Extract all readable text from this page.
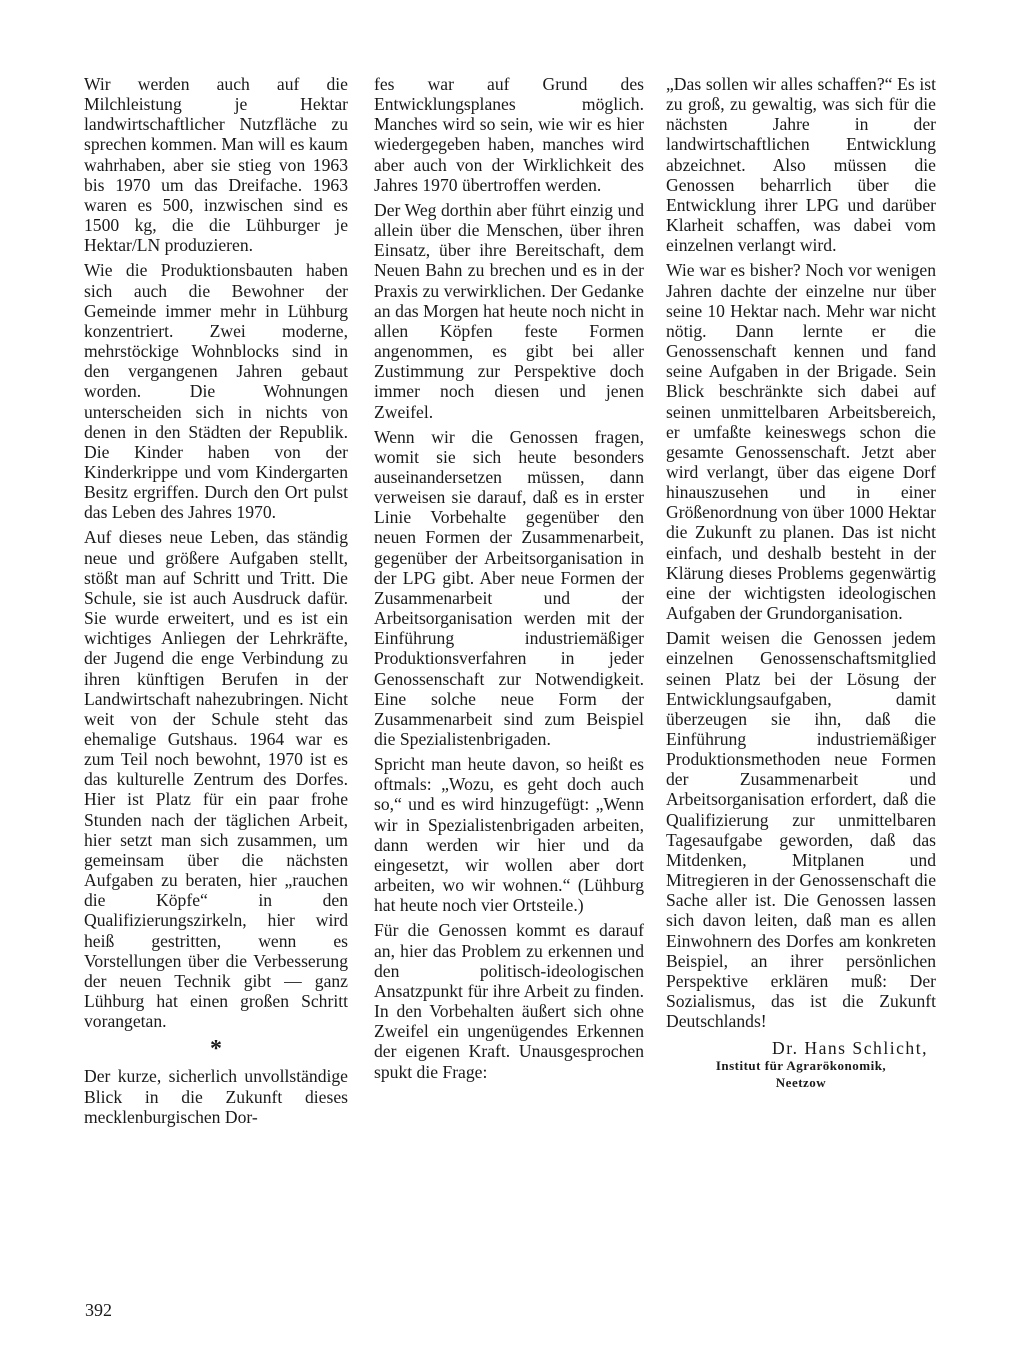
Wir werden auch auf die Milchleistung je Hektar landwirtschaftlicher Nutzfläche zu sprechen kommen. Man will es kaum wahrhaben, aber sie stieg von 1963 bis 1970 um das Dreifache. 1963 waren es 500, inzwischen sind es 1500 kg, die die Lühburger je Hektar/LN produzieren.

Wie die Produktionsbauten haben sich auch die Bewohner der Gemeinde immer mehr in Lühburg konzentriert. Zwei moderne, mehrstöckige Wohnblocks sind in den vergangenen Jahren gebaut worden. Die Wohnungen unterscheiden sich in nichts von denen in den Städten der Republik. Die Kinder haben von der Kinderkrippe und vom Kindergarten Besitz ergriffen. Durch den Ort pulst das Leben des Jahres 1970.

Auf dieses neue Leben, das ständig neue und größere Aufgaben stellt, stößt man auf Schritt und Tritt. Die Schule, sie ist auch Ausdruck dafür. Sie wurde erweitert, und es ist ein wichtiges Anliegen der Lehrkräfte, der Jugend die enge Verbindung zu ihren künftigen Berufen in der Landwirtschaft nahezubringen. Nicht weit von der Schule steht das ehemalige Gutshaus. 1964 war es zum Teil noch bewohnt, 1970 ist es das kulturelle Zentrum des Dorfes. Hier ist Platz für ein paar frohe Stunden nach der täglichen Arbeit, hier setzt man sich zusammen, um gemeinsam über die nächsten Aufgaben zu beraten, hier „rauchen die Köpfe“ in den Qualifizierungszirkeln, hier wird heiß gestritten, wenn es Vorstellungen über die Verbesserung der neuen Technik gibt — ganz Lühburg hat einen großen Schritt vorangetan.

*

Der kurze, sicherlich unvollständige Blick in die Zukunft dieses mecklenburgischen Dor-

fes war auf Grund des Entwicklungsplanes möglich. Manches wird so sein, wie wir es hier wiedergegeben haben, manches wird aber auch von der Wirklichkeit des Jahres 1970 übertroffen werden.

Der Weg dorthin aber führt einzig und allein über die Menschen, über ihren Einsatz, über ihre Bereitschaft, dem Neuen Bahn zu brechen und es in der Praxis zu verwirklichen. Der Gedanke an das Morgen hat heute noch nicht in allen Köpfen feste Formen angenommen, es gibt bei aller Zustimmung zur Perspektive doch immer noch diesen und jenen Zweifel.

Wenn wir die Genossen fragen, womit sie sich heute besonders auseinandersetzen müssen, dann verweisen sie darauf, daß es in erster Linie Vorbehalte gegenüber den neuen Formen der Zusammenarbeit, gegenüber der Arbeitsorganisation in der LPG gibt. Aber neue Formen der Zusammenarbeit und der Arbeitsorganisation werden mit der Einführung industriemäßiger Produktionsverfahren in jeder Genossenschaft zur Notwendigkeit. Eine solche neue Form der Zusammenarbeit sind zum Beispiel die Spezialistenbrigaden.

Spricht man heute davon, so heißt es oftmals: „Wozu, es geht doch auch so,“ und es wird hinzugefügt: „Wenn wir in Spezialistenbrigaden arbeiten, dann werden wir hier und da eingesetzt, wir wollen aber dort arbeiten, wo wir wohnen.“ (Lühburg hat heute noch vier Ortsteile.)

Für die Genossen kommt es darauf an, hier das Problem zu erkennen und den politisch-ideologischen Ansatzpunkt für ihre Arbeit zu finden. In den Vorbehalten äußert sich ohne Zweifel ein ungenügendes Erkennen der eigenen Kraft. Unausgesprochen spukt die Frage:

„Das sollen wir alles schaffen?“ Es ist zu groß, zu gewaltig, was sich für die nächsten Jahre in der landwirtschaftlichen Entwicklung abzeichnet. Also müssen die Genossen beharrlich über die Entwicklung ihrer LPG und darüber Klarheit schaffen, was dabei vom einzelnen verlangt wird.

Wie war es bisher? Noch vor wenigen Jahren dachte der einzelne nur über seine 10 Hektar nach. Mehr war nicht nötig. Dann lernte er die Genossenschaft kennen und fand seine Aufgaben in der Brigade. Sein Blick beschränkte sich dabei auf seinen unmittelbaren Arbeitsbereich, er umfaßte keineswegs schon die gesamte Genossenschaft. Jetzt aber wird verlangt, über das eigene Dorf hinauszusehen und in einer Größenordnung von über 1000 Hektar die Zukunft zu planen. Das ist nicht einfach, und deshalb besteht in der Klärung dieses Problems gegenwärtig eine der wichtigsten ideologischen Aufgaben der Grundorganisation.

Damit weisen die Genossen jedem einzelnen Genossenschaftsmitglied seinen Platz bei der Lösung der Entwicklungsaufgaben, damit überzeugen sie ihn, daß die Einführung industriemäßiger Produktionsmethoden neue Formen der Zusammenarbeit und Arbeitsorganisation erfordert, daß die Qualifizierung zur unmittelbaren Tagesaufgabe geworden, daß das Mitdenken, Mitplanen und Mitregieren in der Genossenschaft die Sache aller ist. Die Genossen lassen sich davon leiten, daß man es allen Einwohnern des Dorfes am konkreten Beispiel, an ihrer persönlichen Perspektive erklären muß: Der Sozialismus, das ist die Zukunft Deutschlands!

Dr. Hans Schlicht,
Institut für Agrarökonomik,
Neetzow
392
